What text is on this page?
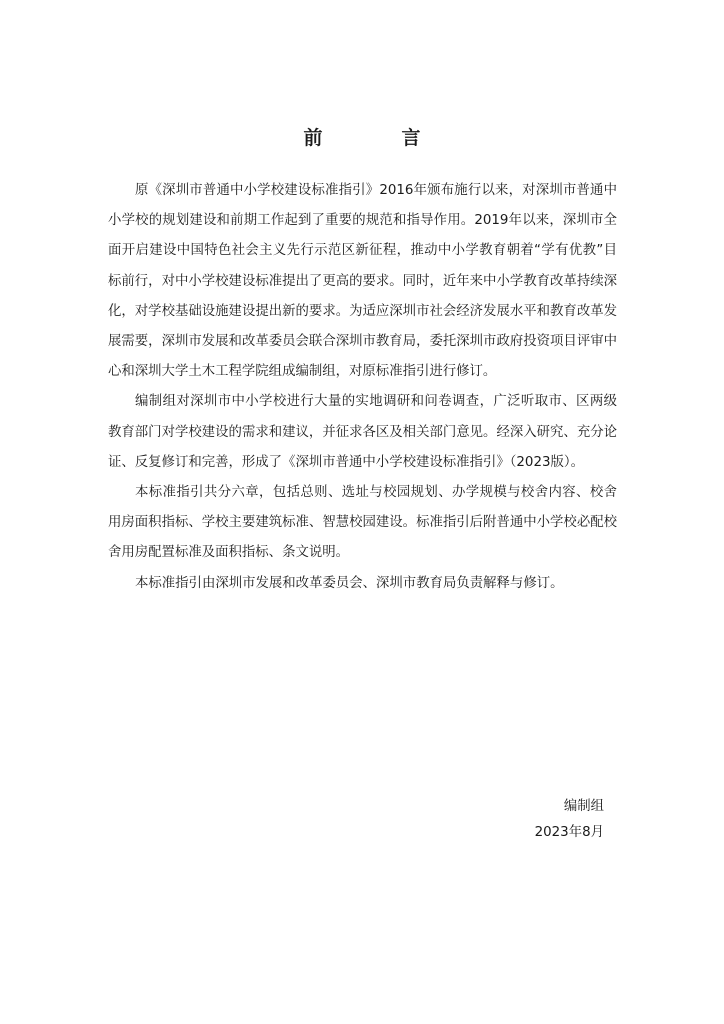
前　言

原《深圳市普通中小学校建设标准指引》2016年颁布施行以来，对深圳市普通中小学校的规划建设和前期工作起到了重要的规范和指导作用。2019年以来，深圳市全面开启建设中国特色社会主义先行示范区新征程，推动中小学教育朝着“学有优教”目标前行，对中小学校建设标准提出了更高的要求。同时，近年来中小学教育改革持续深化，对学校基础设施建设提出新的要求。为适应深圳市社会经济发展水平和教育改革发展需要，深圳市发展和改革委员会联合深圳市教育局，委托深圳市政府投资项目评审中心和深圳大学土木工程学院组成编制组，对原标准指引进行修订。

编制组对深圳市中小学校进行大量的实地调研和问卷调查，广泛听取市、区两级教育部门对学校建设的需求和建议，并征求各区及相关部门意见。经深入研究、充分论证、反复修订和完善，形成了《深圳市普通中小学校建设标准指引》（2023版）。

本标准指引共分六章，包括总则、选址与校园规划、办学规模与校舍内容、校舍用房面积指标、学校主要建筑标准、智慧校园建设。标准指引后附普通中小学校必配校舍用房配置标准及面积指标、条文说明。

本标准指引由深圳市发展和改革委员会、深圳市教育局负责解释与修订。

编制组
2023年8月
